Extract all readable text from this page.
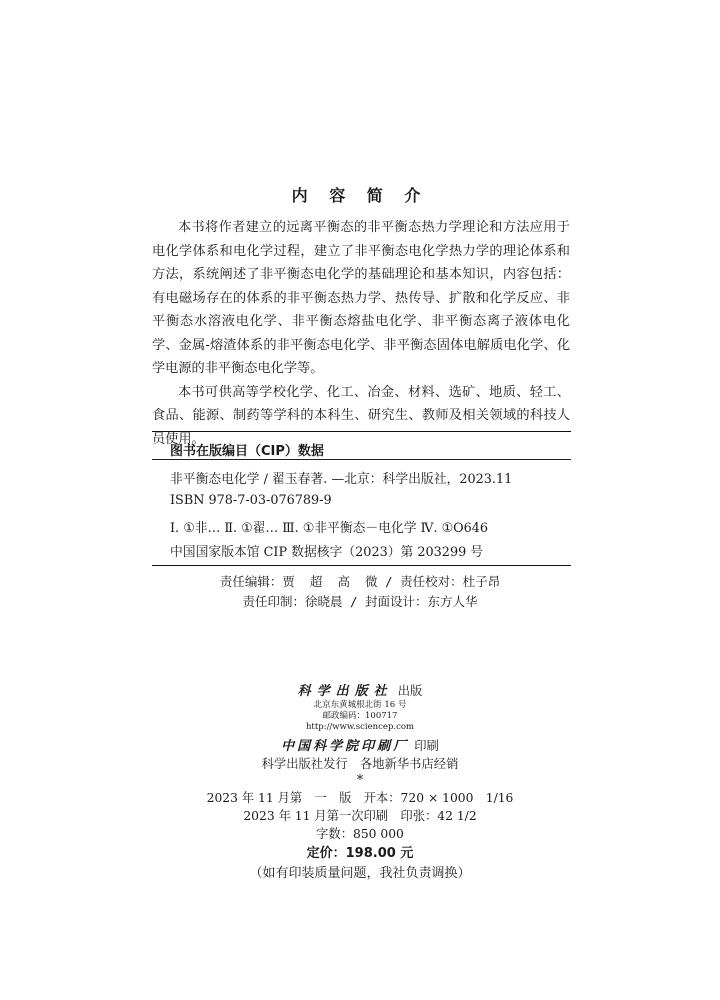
内 容 简 介

本书将作者建立的远离平衡态的非平衡态热力学理论和方法应用于电化学体系和电化学过程，建立了非平衡态电化学热力学的理论体系和方法，系统阐述了非平衡态电化学的基础理论和基本知识，内容包括：有电磁场存在的体系的非平衡态热力学、热传导、扩散和化学反应、非平衡态水溶液电化学、非平衡态熔盐电化学、非平衡态离子液体电化学、金属-熔渣体系的非平衡态电化学、非平衡态固体电解质电化学、化学电源的非平衡态电化学等。

本书可供高等学校化学、化工、冶金、材料、选矿、地质、轻工、食品、能源、制药等学科的本科生、研究生、教师及相关领域的科技人员使用。

图书在版编目（CIP）数据
非平衡态电化学 / 翟玉春著. —北京：科学出版社，2023.11
ISBN 978-7-03-076789-9
Ⅰ. ①非… Ⅱ. ①翟… Ⅲ. ①非平衡态－电化学 Ⅳ. ①O646
中国国家版本馆 CIP 数据核字（2023）第 203299 号
责任编辑：贾  超  高  微 / 责任校对：杜子昂
责任印制：徐晓晨 / 封面设计：东方人华
科学出版社 出版
北京东黄城根北街 16 号
邮政编码：100717
http://www.sciencep.com
中国科学院印刷厂 印刷
科学出版社发行　各地新华书店经销
*
2023 年 11 月第　一　版　开本：720 × 1000　1/16
2023 年 11 月第一次印刷　印张：42 1/2
字数：850 000
定价：198.00 元
（如有印装质量问题，我社负责调换）
